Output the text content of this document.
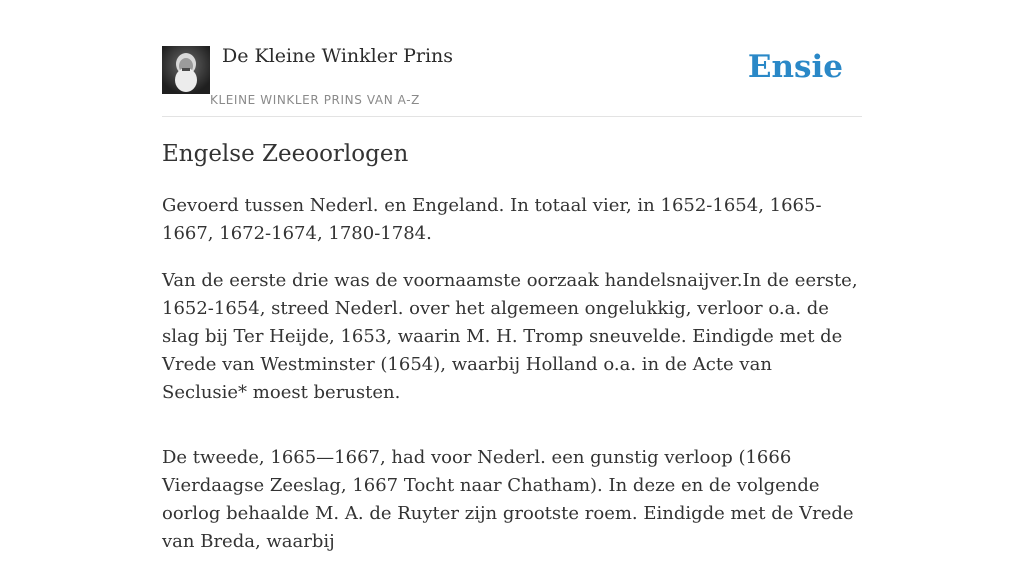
De Kleine Winkler Prins
KLEINE WINKLER PRINS VAN A-Z
Ensie
Engelse Zeeoorlogen

Gevoerd tussen Nederl. en Engeland. In totaal vier, in 1652-1654, 1665-1667, 1672-1674, 1780-1784.

Van de eerste drie was de voornaamste oorzaak handelsnaijver.In de eerste, 1652-1654, streed Nederl. over het algemeen ongelukkig, verloor o.a. de slag bij Ter Heijde, 1653, waarin M. H. Tromp sneuvelde. Eindigde met de Vrede van Westminster (1654), waarbij Holland o.a. in de Acte van Seclusie* moest berusten.

De tweede, 1665—1667, had voor Nederl. een gunstig verloop (1666 Vierdaagse Zeeslag, 1667 Tocht naar Chatham). In deze en de volgende oorlog behaalde M. A. de Ruyter zijn grootste roem. Eindigde met de Vrede van Breda, waarbij
